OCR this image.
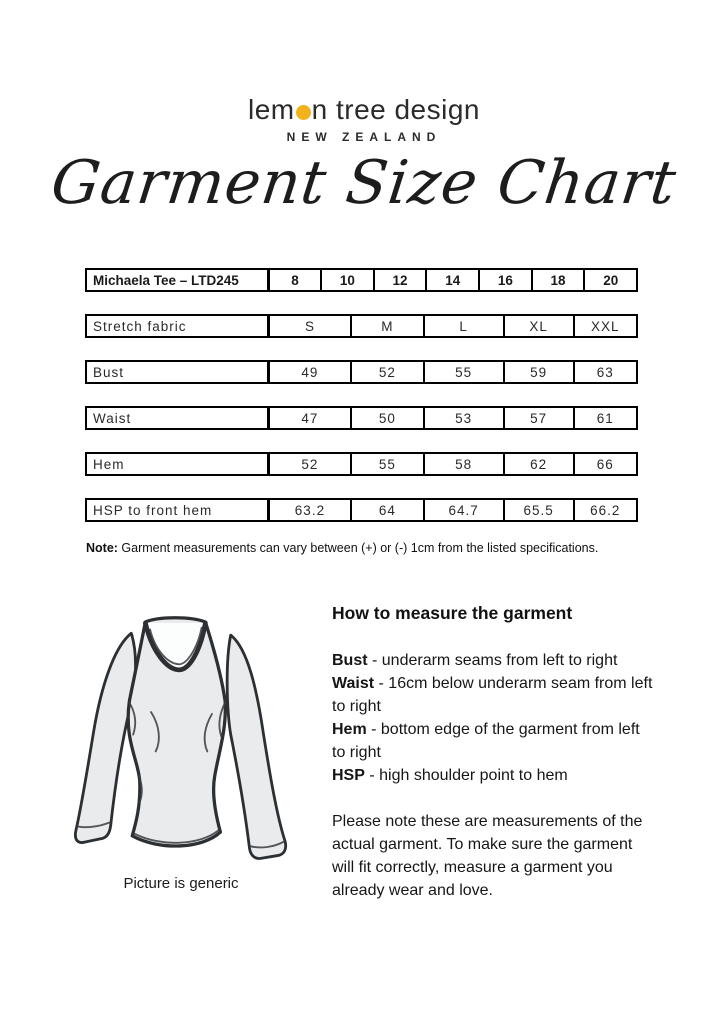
lem n tree design
NEW ZEALAND
Garment Size Chart
Michaela Tee – LTD245	8	10	12	14	16	18	20
Stretch fabric	S	M	L	XL	XXL
Bust	49	52	55	59	63
Waist	47	50	53	57	61
Hem	52	55	58	62	66
HSP to front hem	63.2	64	64.7	65.5	66.2
Note: Garment measurements can vary between (+) or (-) 1cm from the listed specifications.
Picture is generic
How to measure the garment

Bust - underarm seams from left to right

Waist - 16cm below underarm seam from left to right

Hem - bottom edge of the garment from left to right

HSP - high shoulder point to hem

Please note these are measurements of the actual garment. To make sure the garment will fit correctly, measure a garment you already wear and love.
